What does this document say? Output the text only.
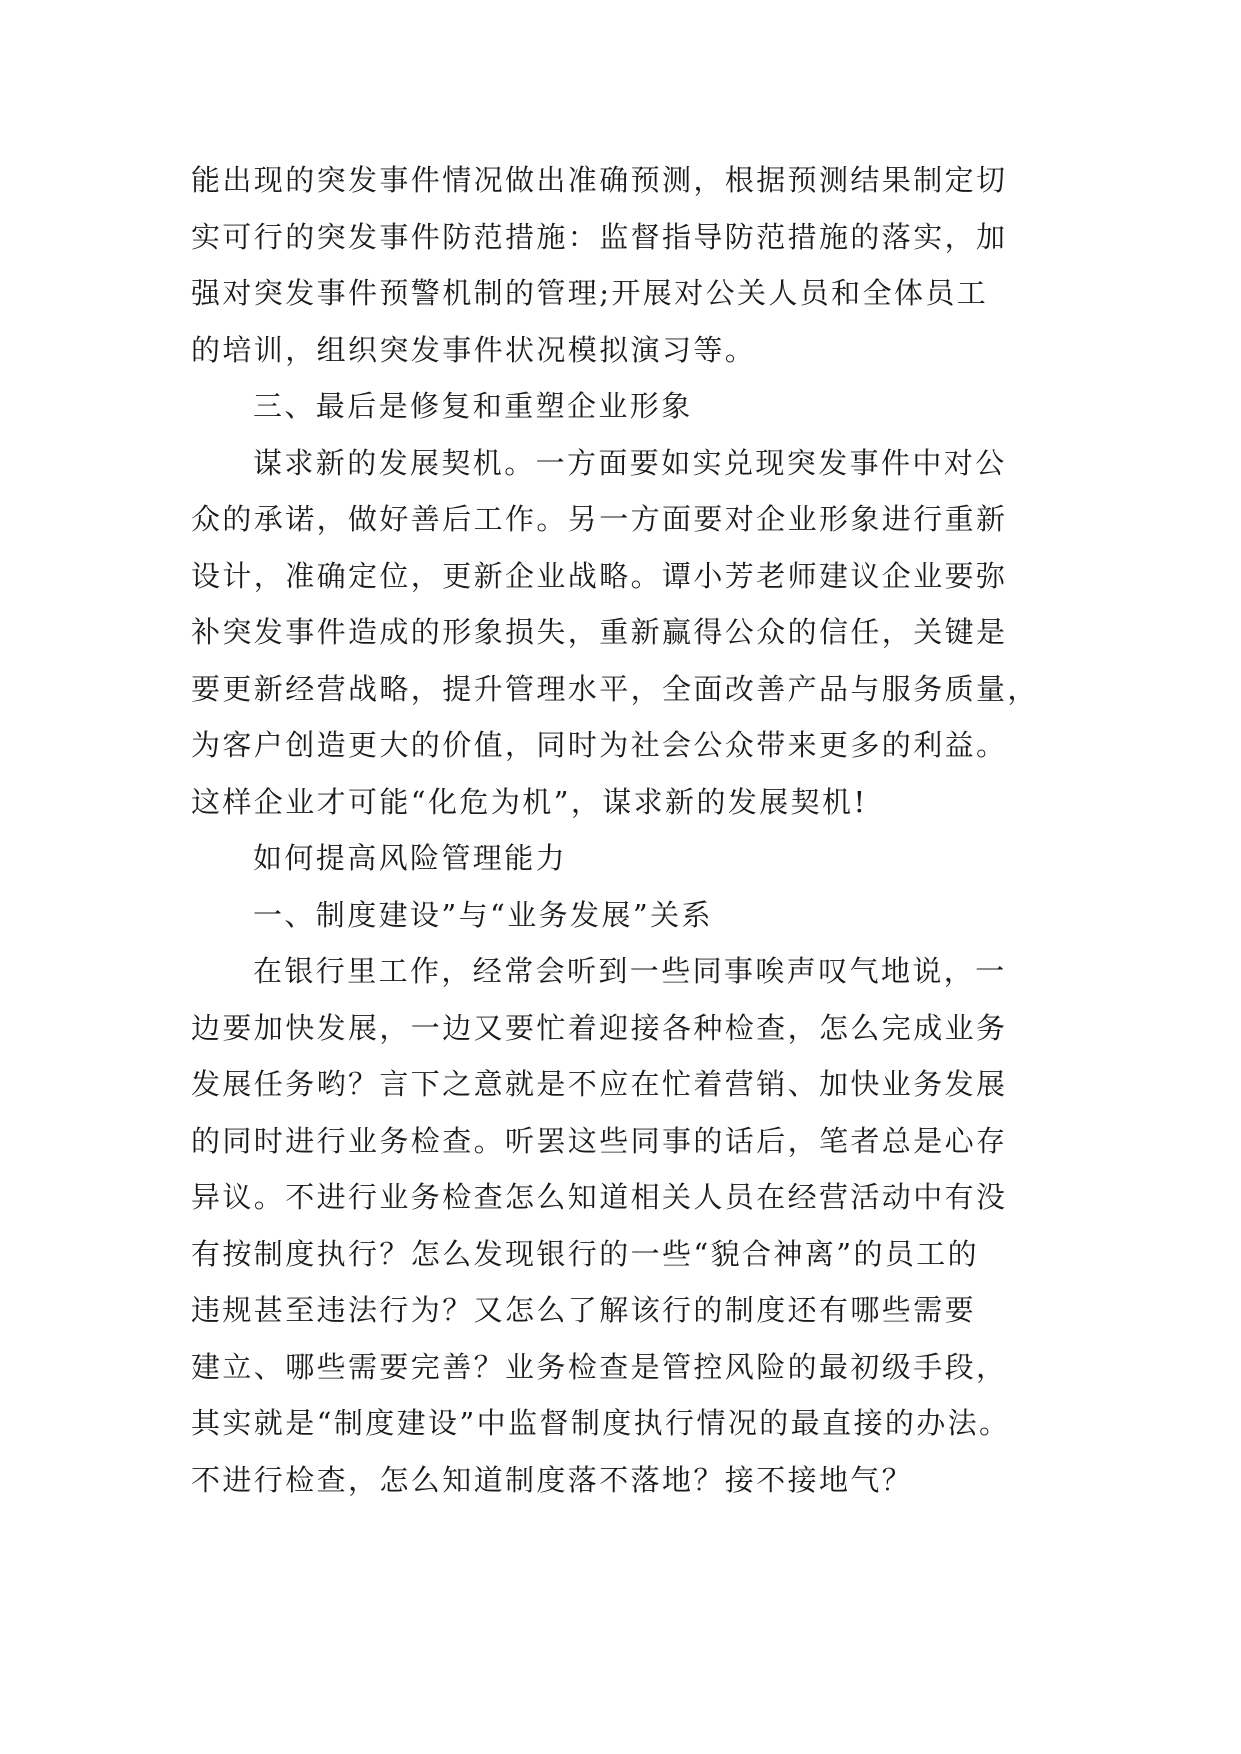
能出现的突发事件情况做出准确预测，根据预测结果制定切
实可行的突发事件防范措施：监督指导防范措施的落实，加
强对突发事件预警机制的管理;开展对公关人员和全体员工
的培训，组织突发事件状况模拟演习等。
三、最后是修复和重塑企业形象
谋求新的发展契机。一方面要如实兑现突发事件中对公
众的承诺，做好善后工作。另一方面要对企业形象进行重新
设计，准确定位，更新企业战略。谭小芳老师建议企业要弥
补突发事件造成的形象损失，重新赢得公众的信任，关键是
要更新经营战略，提升管理水平，全面改善产品与服务质量，
为客户创造更大的价值，同时为社会公众带来更多的利益。
这样企业才可能“化危为机”，谋求新的发展契机!
如何提高风险管理能力
一、制度建设”与“业务发展”关系
在银行里工作，经常会听到一些同事唉声叹气地说，一
边要加快发展，一边又要忙着迎接各种检查，怎么完成业务
发展任务哟？言下之意就是不应在忙着营销、加快业务发展
的同时进行业务检查。听罢这些同事的话后，笔者总是心存
异议。不进行业务检查怎么知道相关人员在经营活动中有没
有按制度执行？怎么发现银行的一些“貌合神离”的员工的
违规甚至违法行为？又怎么了解该行的制度还有哪些需要
建立、哪些需要完善？业务检查是管控风险的最初级手段，
其实就是“制度建设”中监督制度执行情况的最直接的办法。
不进行检查，怎么知道制度落不落地？接不接地气？
